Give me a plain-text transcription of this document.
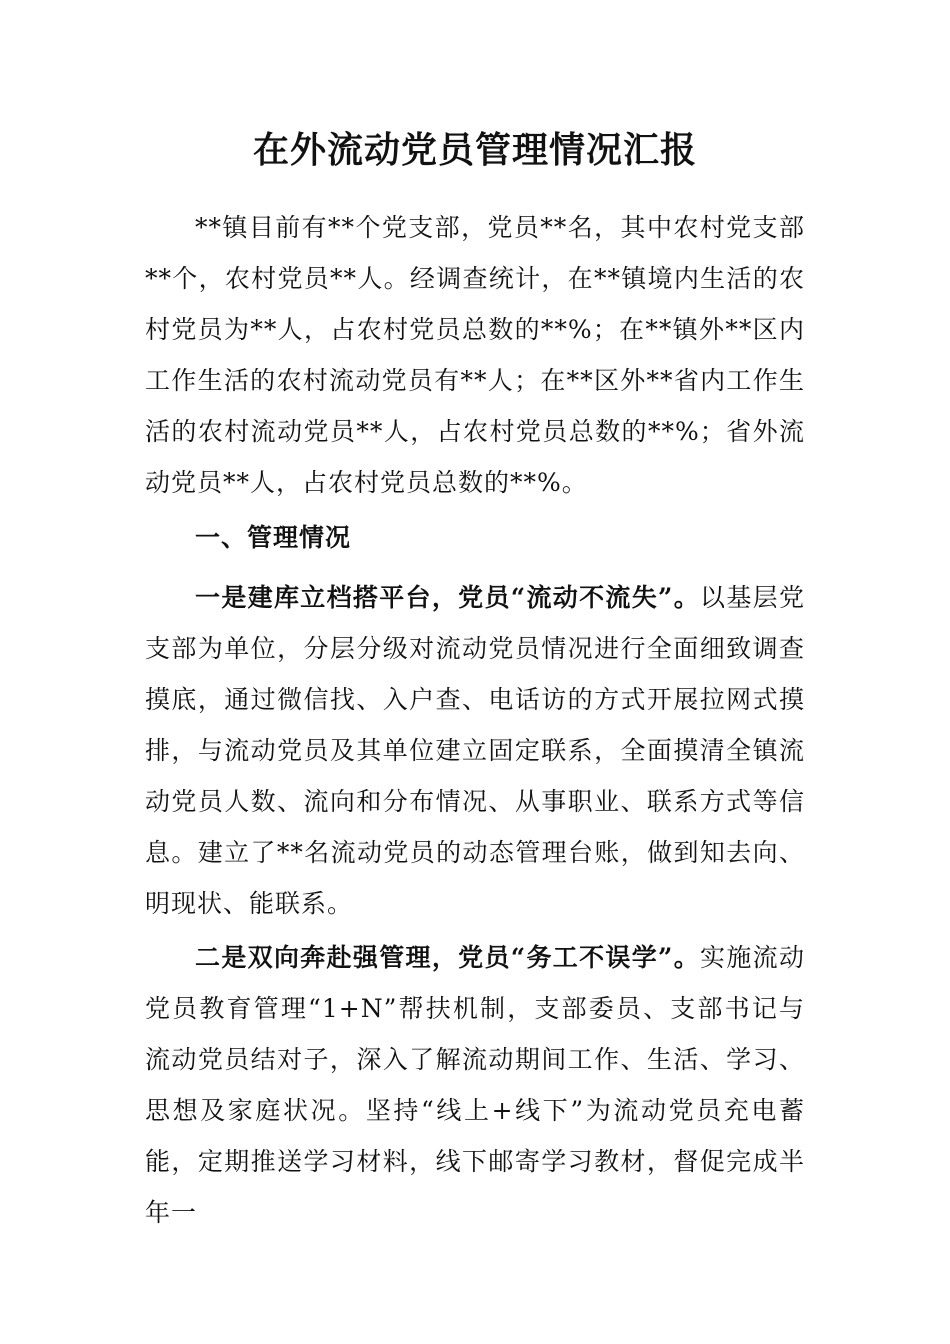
在外流动党员管理情况汇报

**镇目前有**个党支部，党员**名，其中农村党支部**个，农村党员**人。经调查统计，在**镇境内生活的农村党员为**人，占农村党员总数的**%；在**镇外**区内工作生活的农村流动党员有**人；在**区外**省内工作生活的农村流动党员**人，占农村党员总数的**%；省外流动党员**人，占农村党员总数的**%。

一、管理情况

一是建库立档搭平台，党员“流动不流失”。以基层党支部为单位，分层分级对流动党员情况进行全面细致调查摸底，通过微信找、入户查、电话访的方式开展拉网式摸排，与流动党员及其单位建立固定联系，全面摸清全镇流动党员人数、流向和分布情况、从事职业、联系方式等信息。建立了**名流动党员的动态管理台账，做到知去向、明现状、能联系。

二是双向奔赴强管理，党员“务工不误学”。实施流动党员教育管理“1+N”帮扶机制，支部委员、支部书记与流动党员结对子，深入了解流动期间工作、生活、学习、思想及家庭状况。坚持“线上+线下”为流动党员充电蓄能，定期推送学习材料，线下邮寄学习教材，督促完成半年一
